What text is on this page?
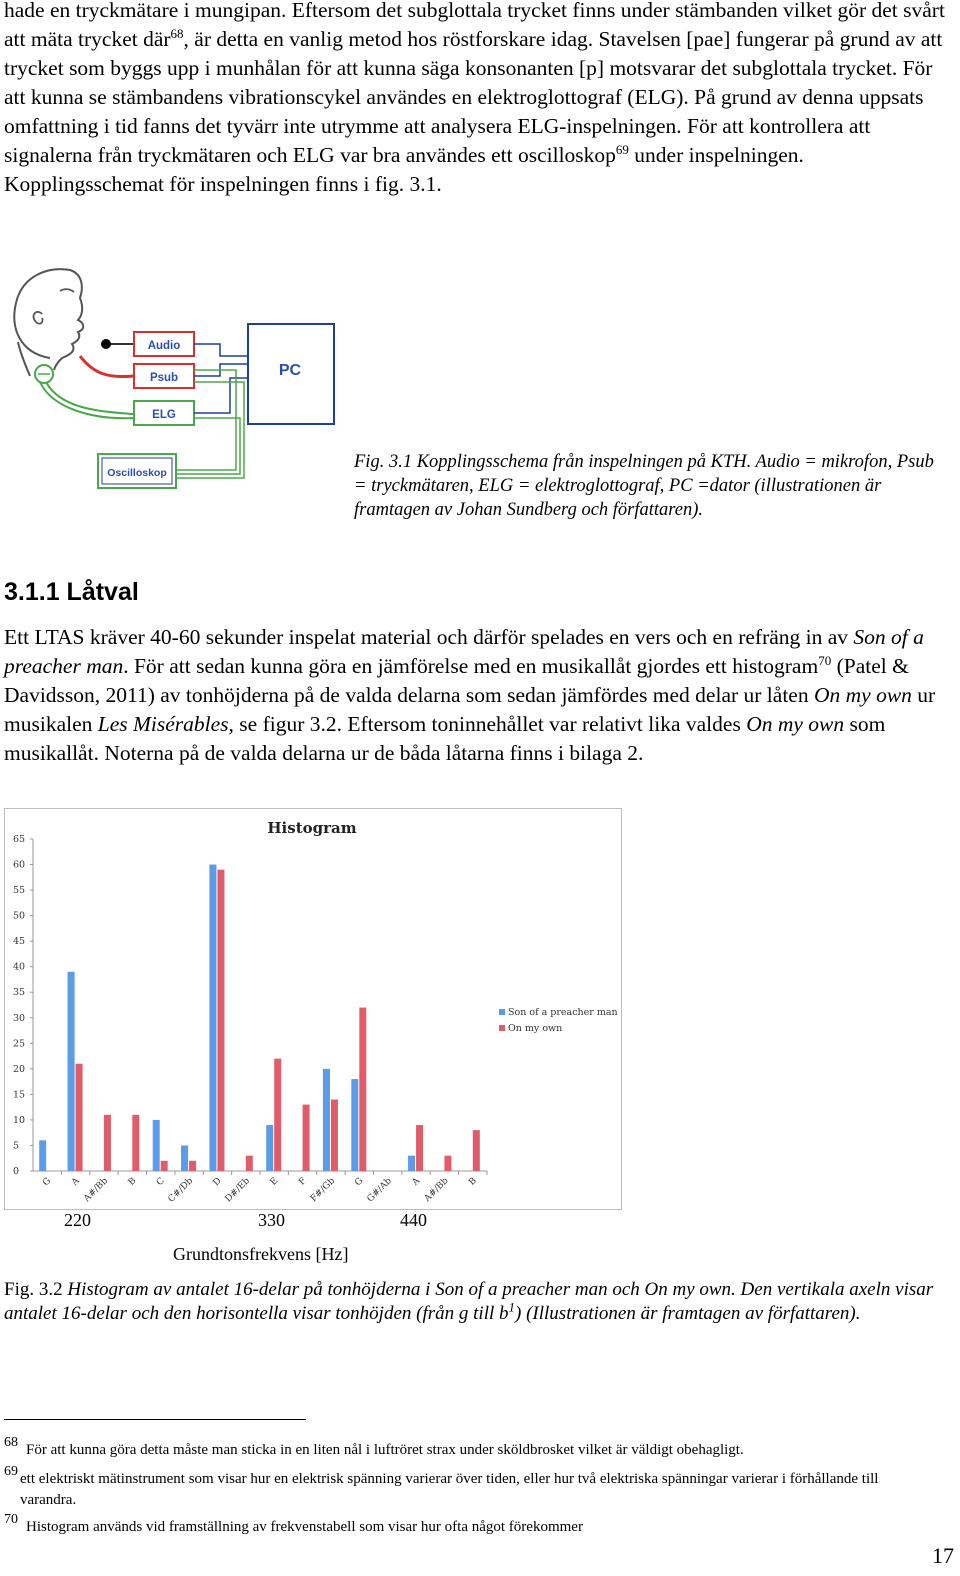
hade en tryckmätare i mungipan. Eftersom det subglottala trycket finns under stämbanden vilket gör det svårt att mäta trycket där$^{68}$, är detta en vanlig metod hos röstforskare idag. Stavelsen [pae] fungerar på grund av att trycket som byggs upp i munhålan för att kunna säga konsonanten [p] motsvarar det subglottala trycket. För att kunna se stämbandens vibrationscykel användes en elektroglottograf (ELG). På grund av denna uppsats omfattning i tid fanns det tyvärr inte utrymme att analysera ELG-inspelningen. För att kontrollera att signalerna från tryckmätaren och ELG var bra användes ett oscilloskop$^{69}$ under inspelningen. Kopplingsschemat för inspelningen finns i fig. 3.1.

Audio
Psub
ELG
PC
Oscilloskop

Fig. 3.1 Kopplingsschema från inspelningen på KTH. Audio = mikrofon, Psub = tryckmätaren, ELG = elektroglottograf, PC =dator (illustrationen är framtagen av Johan Sundberg och författaren).

3.1.1 Låtval

Ett LTAS kräver 40-60 sekunder inspelat material och därför spelades en vers och en refräng in av Son of a preacher man. För att sedan kunna göra en jämförelse med en musikallåt gjordes ett histogram$^{70}$ (Patel & Davidsson, 2011) av tonhöjderna på de valda delarna som sedan jämfördes med delar ur låten On my own ur musikalen Les Misérables, se figur 3.2. Eftersom toninnehållet var relativt lika valdes On my own som musikallåt. Noterna på de valda delarna ur de båda låtarna finns i bilaga 2.

Histogram
0
5
10
15
20
25
30
35
40
45
50
55
60
65
G A A#/Bb B C C#/Db D D#/Eb E F F#/Gb G G#/Ab A A#/Bb B
Son of a preacher man
On my own
220	330	440
Grundtonsfrekvens [Hz]

Fig. 3.2 Histogram av antalet 16-delar på tonhöjderna i Son of a preacher man och On my own. Den vertikala axeln visar antalet 16-delar och den horisontella visar tonhöjden (från g till $b^1$) (Illustrationen är framtagen av författaren).

68 För att kunna göra detta måste man sticka in en liten nål i luftröret strax under sköldbrosket vilket är väldigt obehagligt.
69 ett elektriskt mätinstrument som visar hur en elektrisk spänning varierar över tiden, eller hur två elektriska spänningar varierar i förhållande till varandra.
70 Histogram används vid framställning av frekvenstabell som visar hur ofta något förekommer
17
